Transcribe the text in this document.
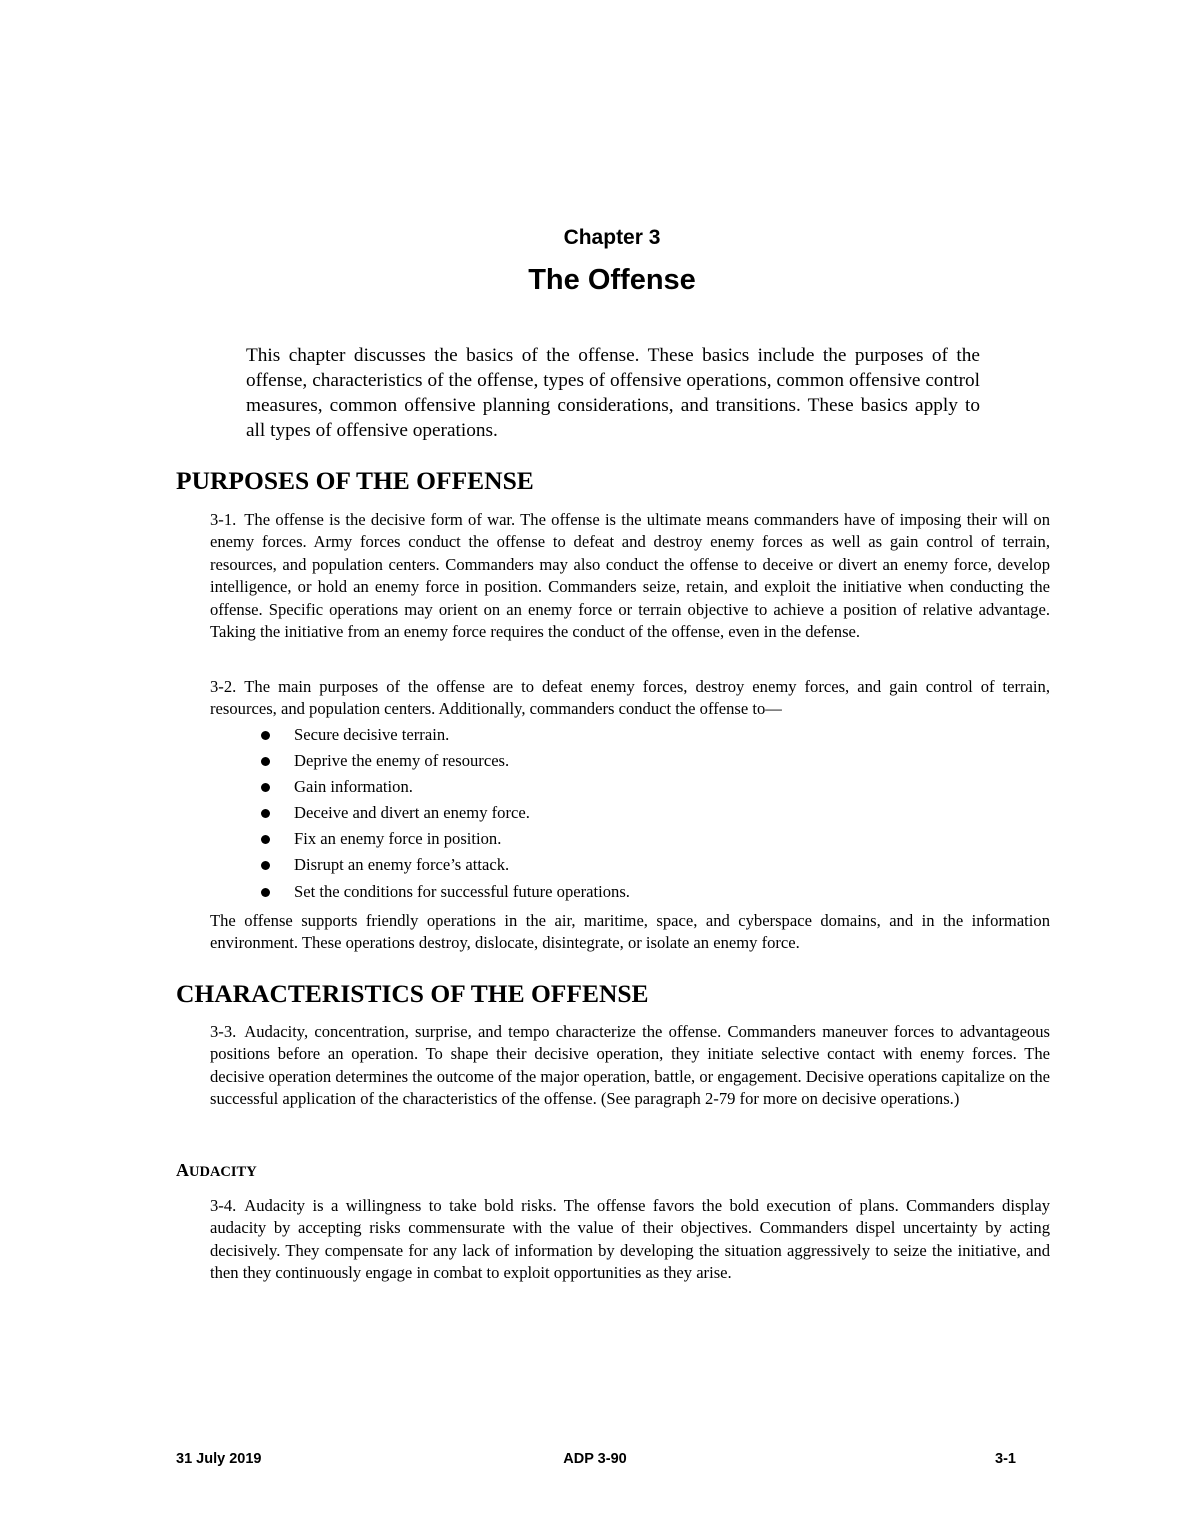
Chapter 3
The Offense

This chapter discusses the basics of the offense. These basics include the purposes of the offense, characteristics of the offense, types of offensive operations, common offensive control measures, common offensive planning considerations, and transitions. These basics apply to all types of offensive operations.

PURPOSES OF THE OFFENSE

3-1. The offense is the decisive form of war. The offense is the ultimate means commanders have of imposing their will on enemy forces. Army forces conduct the offense to defeat and destroy enemy forces as well as gain control of terrain, resources, and population centers. Commanders may also conduct the offense to deceive or divert an enemy force, develop intelligence, or hold an enemy force in position. Commanders seize, retain, and exploit the initiative when conducting the offense. Specific operations may orient on an enemy force or terrain objective to achieve a position of relative advantage. Taking the initiative from an enemy force requires the conduct of the offense, even in the defense.

3-2. The main purposes of the offense are to defeat enemy forces, destroy enemy forces, and gain control of terrain, resources, and population centers. Additionally, commanders conduct the offense to—

Secure decisive terrain.
Deprive the enemy of resources.
Gain information.
Deceive and divert an enemy force.
Fix an enemy force in position.
Disrupt an enemy force’s attack.
Set the conditions for successful future operations.

The offense supports friendly operations in the air, maritime, space, and cyberspace domains, and in the information environment. These operations destroy, dislocate, disintegrate, or isolate an enemy force.

CHARACTERISTICS OF THE OFFENSE

3-3. Audacity, concentration, surprise, and tempo characterize the offense. Commanders maneuver forces to advantageous positions before an operation. To shape their decisive operation, they initiate selective contact with enemy forces. The decisive operation determines the outcome of the major operation, battle, or engagement. Decisive operations capitalize on the successful application of the characteristics of the offense. (See paragraph 2-79 for more on decisive operations.)

AUDACITY

3-4. Audacity is a willingness to take bold risks. The offense favors the bold execution of plans. Commanders display audacity by accepting risks commensurate with the value of their objectives. Commanders dispel uncertainty by acting decisively. They compensate for any lack of information by developing the situation aggressively to seize the initiative, and then they continuously engage in combat to exploit opportunities as they arise.

31 July 2019	ADP 3-90	3-1
